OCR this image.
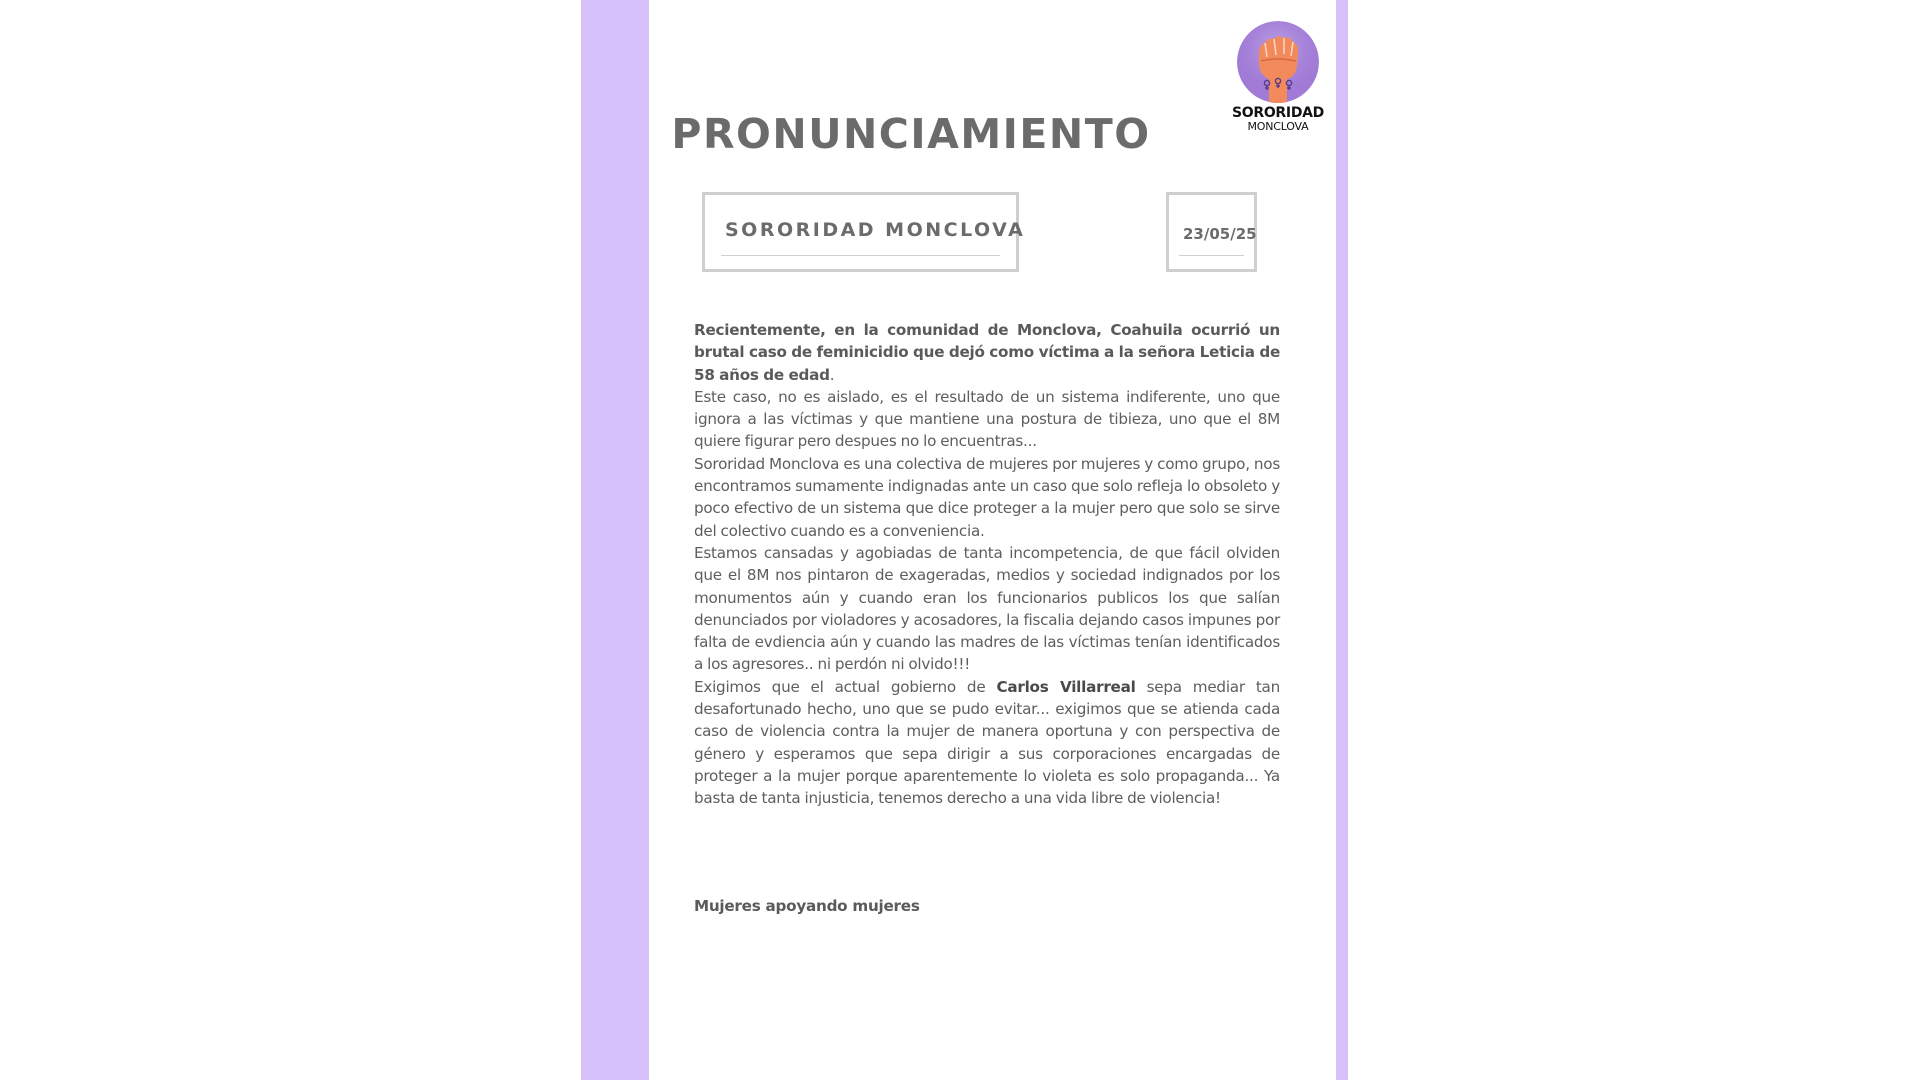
SORORIDAD
MONCLOVA
PRONUNCIAMIENTO
SORORIDAD MONCLOVA	23/05/25

Recientemente, en la comunidad de Monclova, Coahuila ocurrió un brutal caso de feminicidio que dejó como víctima a la señora Leticia de 58 años de edad.

Este caso, no es aislado, es el resultado de un sistema indiferente, uno que ignora a las víctimas y que mantiene una postura de tibieza, uno que el 8M quiere figurar pero despues no lo encuentras...

Sororidad Monclova es una colectiva de mujeres por mujeres y como grupo, nos encontramos sumamente indignadas ante un caso que solo refleja lo obsoleto y poco efectivo de un sistema que dice proteger a la mujer pero que solo se sirve del colectivo cuando es a conveniencia.

Estamos cansadas y agobiadas de tanta incompetencia, de que fácil olviden que el 8M nos pintaron de exageradas, medios y sociedad indignados por los monumentos aún y cuando eran los funcionarios publicos los que salían denunciados por violadores y acosadores, la fiscalia dejando casos impunes por falta de evdiencia aún y cuando las madres de las víctimas tenían identificados a los agresores.. ni perdón ni olvido!!!

Exigimos que el actual gobierno de Carlos Villarreal sepa mediar tan desafortunado hecho, uno que se pudo evitar... exigimos que se atienda cada caso de violencia contra la mujer de manera oportuna y con perspectiva de género y esperamos que sepa dirigir a sus corporaciones encargadas de proteger a la mujer porque aparentemente lo violeta es solo propaganda... Ya basta de tanta injusticia, tenemos derecho a una vida libre de violencia!

Mujeres apoyando mujeres
